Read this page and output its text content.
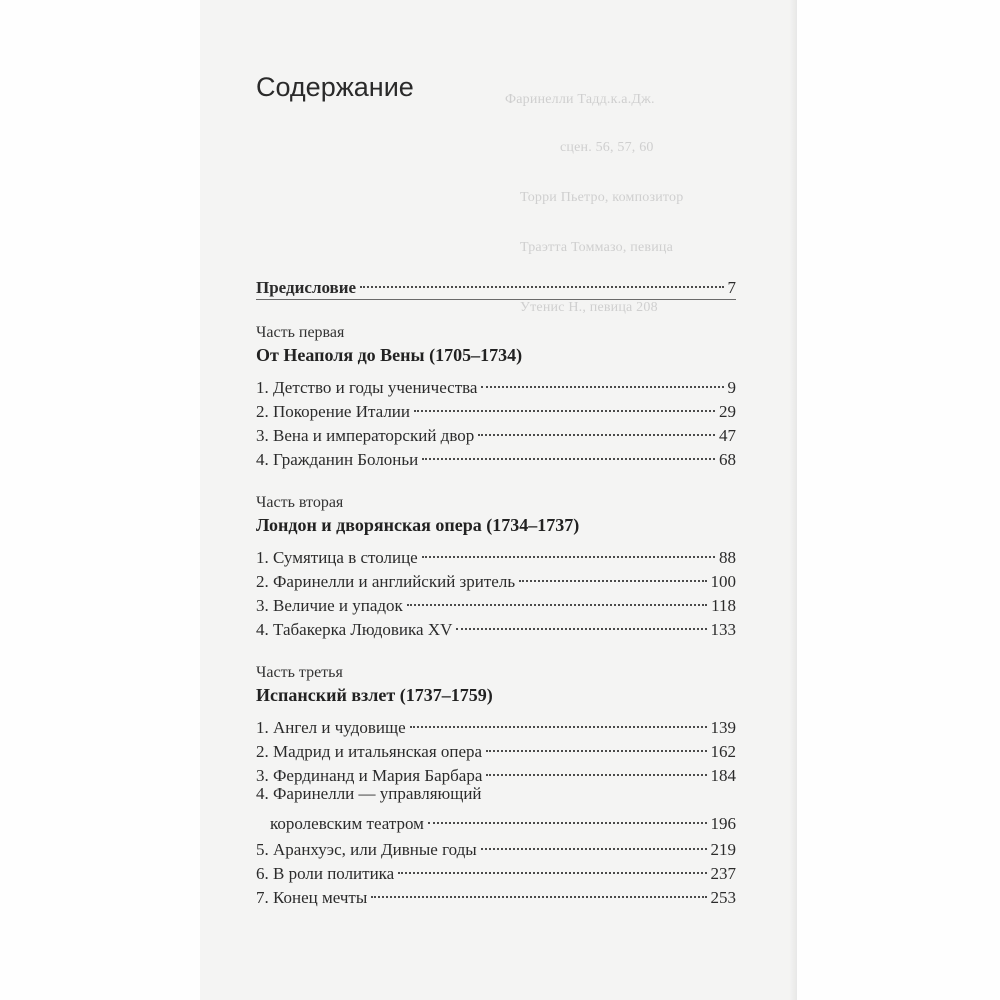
Фаринелли Тадд.к.а.Дж.
сцен. 56, 57, 60
Торри Пьетро, композитор
Траэтта Томмазо, певица
Утенис Н., певица 208
Содержание
Предисловие	7
Часть первая
От Неаполя до Вены (1705–1734)
1. Детство и годы ученичества	9
2. Покорение Италии	29
3. Вена и императорский двор	47
4. Гражданин Болоньи	68
Часть вторая
Лондон и дворянская опера (1734–1737)
1. Сумятица в столице	88
2. Фаринелли и английский зритель	100
3. Величие и упадок	118
4. Табакерка Людовика XV	133
Часть третья
Испанский взлет (1737–1759)
1. Ангел и чудовище	139
2. Мадрид и итальянская опера	162
3. Фердинанд и Мария Барбара	184
4. Фаринелли — управляющий
королевским театром	196
5. Аранхуэс, или Дивные годы	219
6. В роли политика	237
7. Конец мечты	253
